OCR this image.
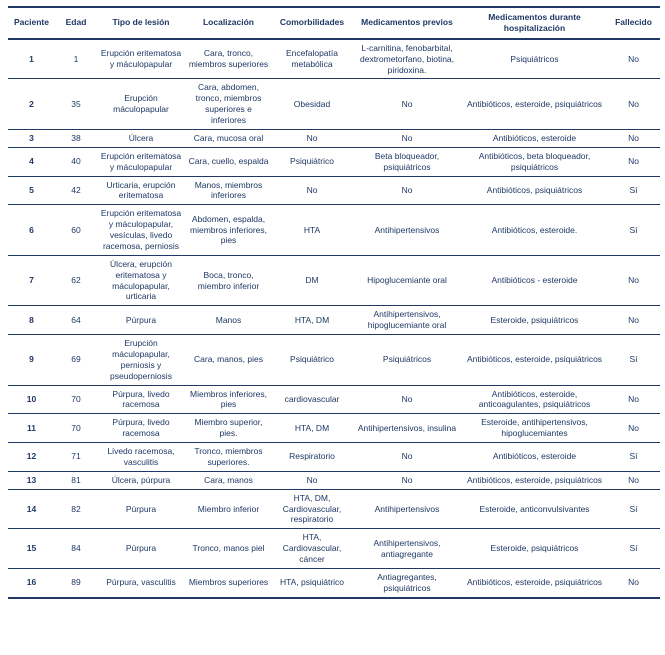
Paciente	Edad	Tipo de lesión	Localización	Comorbilidades	Medicamentos previos	Medicamentos durante hospitalización	Fallecido
1	1	Erupción eritematosa y máculopapular	Cara, tronco, miembros superiores	Encefalopatía metabólica	L-carnitina, fenobarbital, dextrometorfano, biotina, piridoxina.	Psiquiátricos	No
2	35	Erupción máculopapular	Cara, abdomen, tronco, miembros superiores e inferiores	Obesidad	No	Antibióticos, esteroide, psiquiátricos	No
3	38	Úlcera	Cara, mucosa oral	No	No	Antibióticos, esteroide	No
4	40	Erupción eritematosa y máculopapular	Cara, cuello, espalda	Psiquiátrico	Beta bloqueador, psiquiátricos	Antibióticos, beta bloqueador, psiquiátricos	No
5	42	Urticaria, erupción eritematosa	Manos, miembros inferiores	No	No	Antibióticos, psiquiátricos	Sí
6	60	Erupción eritematosa y máculopapular, vesículas, livedo racemosa, perniosis	Abdomen, espalda, miembros inferiores, pies	HTA	Antihipertensivos	Antibióticos, esteroide.	Sí
7	62	Úlcera, erupción eritematosa y máculopapular, urticaria	Boca, tronco, miembro inferior	DM	Hipoglucemiante oral	Antibióticos - esteroide	No
8	64	Púrpura	Manos	HTA, DM	Antihipertensivos, hipoglucemiante oral	Esteroide, psiquiátricos	No
9	69	Erupción máculopapular, perniosis y pseudoperniosis	Cara, manos, pies	Psiquiátrico	Psiquiátricos	Antibióticos, esteroide, psiquiátricos	Sí
10	70	Púrpura, livedo racemosa	Miembros inferiores, pies	cardiovascular	No	Antibióticos, esteroide, anticoagulantes, psiquiátricos	No
11	70	Púrpura, livedo racemosa	Miembro superior, pies.	HTA, DM	Antihipertensivos, insulina	Esteroide, antihipertensivos, hipoglucemiantes	No
12	71	Livedo racemosa, vasculitis	Tronco, miembros superiores.	Respiratorio	No	Antibióticos, esteroide	Sí
13	81	Úlcera, púrpura	Cara, manos	No	No	Antibióticos, esteroide, psiquiátricos	No
14	82	Púrpura	Miembro inferior	HTA, DM, Cardiovascular, respiratorio	Antihipertensivos	Esteroide, anticonvulsivantes	Sí
15	84	Púrpura	Tronco, manos piel	HTA, Cardiovascular, cáncer	Antihipertensivos, antiagregante	Esteroide, psiquiátricos	Sí
16	89	Púrpura, vasculitis	Miembros superiores	HTA, psiquiátrico	Antiagregantes, psiquiátricos	Antibióticos, esteroide, psiquiátricos	No
